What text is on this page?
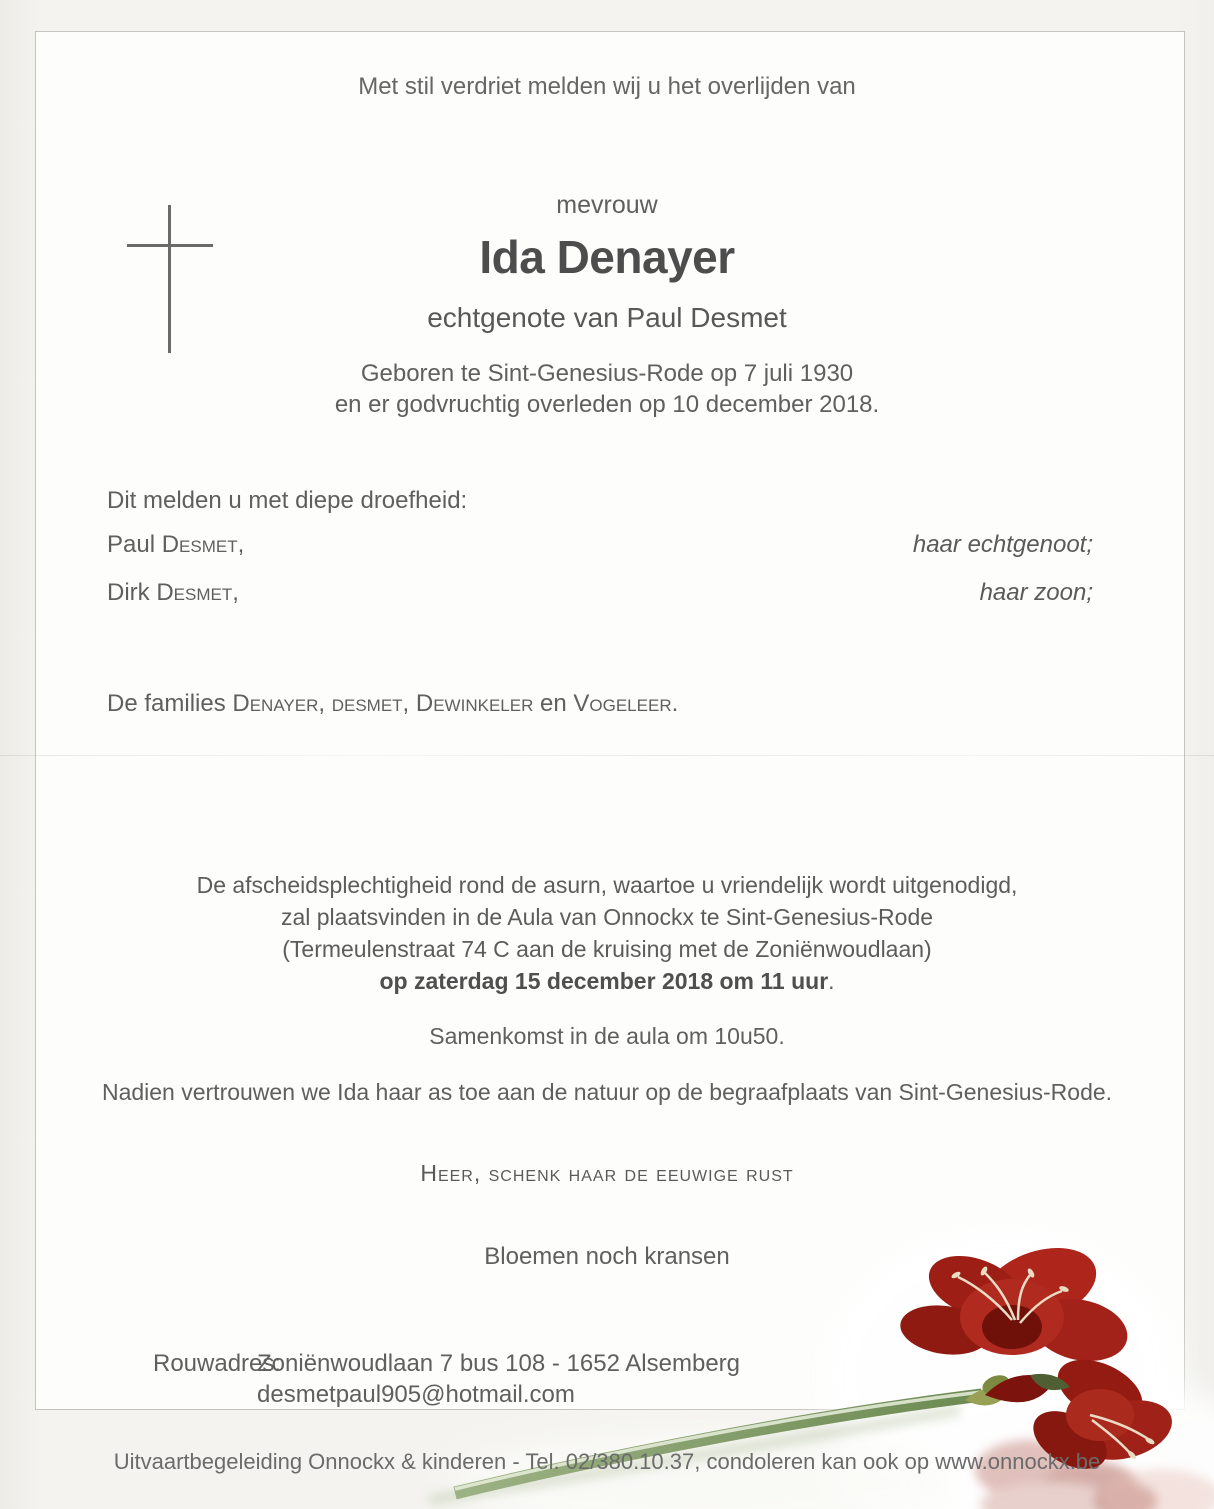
Met stil verdriet melden wij u het overlijden van
mevrouw
Ida Denayer
echtgenote van Paul Desmet
Geboren te Sint-Genesius-Rode op 7 juli 1930
en er godvruchtig overleden op 10 december 2018.
Dit melden u met diepe droefheid:
Paul Desmet,	haar echtgenoot;
Dirk Desmet,	haar zoon;
De families Denayer, desmet, Dewinkeler en Vogeleer.
De afscheidsplechtigheid rond de asurn, waartoe u vriendelijk wordt uitgenodigd,
zal plaatsvinden in de Aula van Onnockx te Sint-Genesius-Rode
(Termeulenstraat 74 C aan de kruising met de Zoniënwoudlaan)
op zaterdag 15 december 2018 om 11 uur.
Samenkomst in de aula om 10u50.
Nadien vertrouwen we Ida haar as toe aan de natuur op de begraafplaats van Sint-Genesius-Rode.
Heer, schenk haar de eeuwige rust
Bloemen noch kransen
Rouwadres:
Zoniënwoudlaan 7 bus 108 - 1652 Alsemberg
desmetpaul905@hotmail.com
Uitvaartbegeleiding Onnockx & kinderen - Tel. 02/380.10.37, condoleren kan ook op www.onnockx.be
